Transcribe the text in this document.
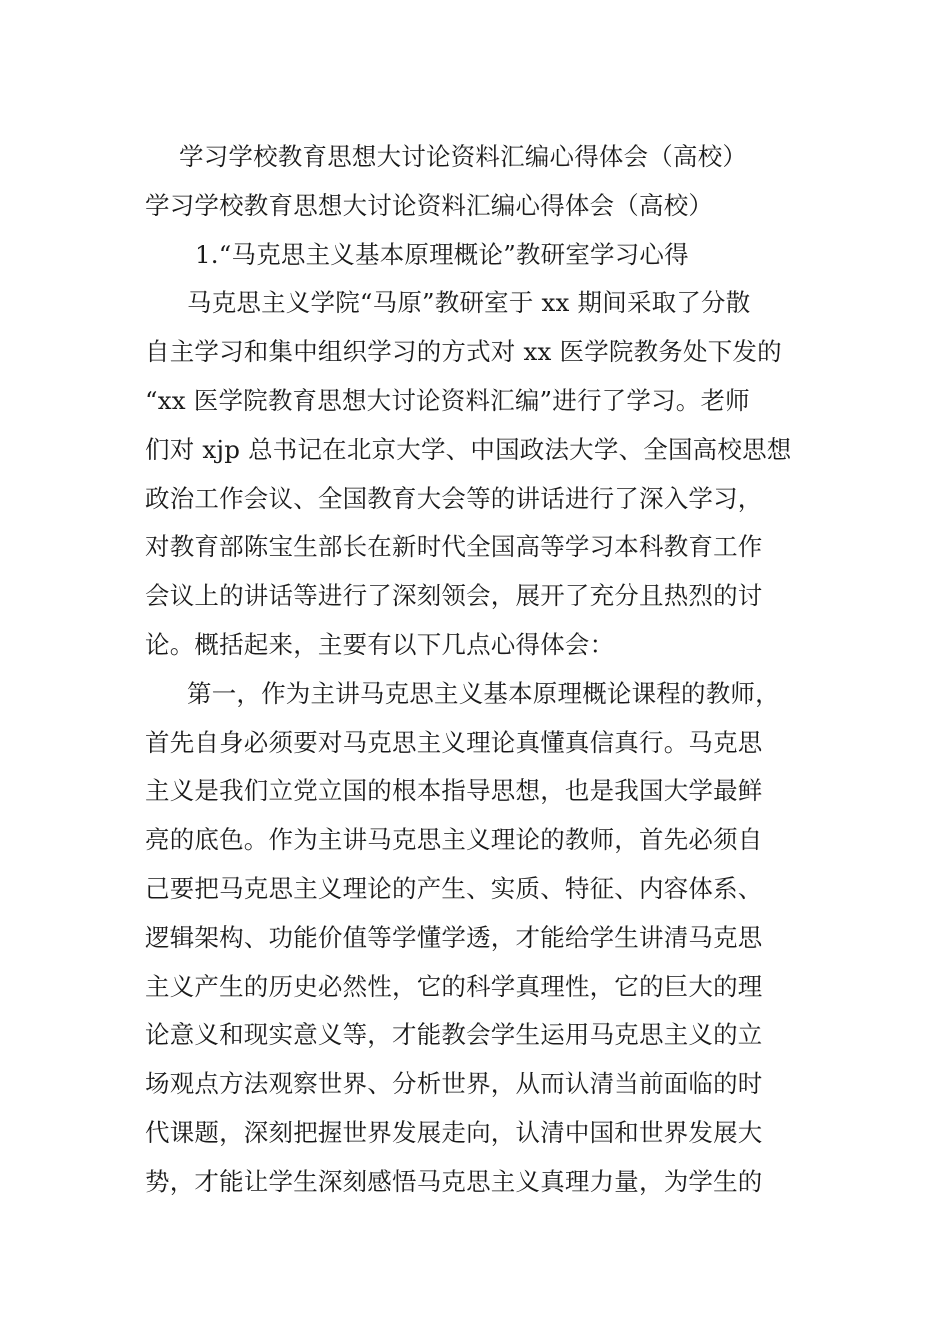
学习学校教育思想大讨论资料汇编心得体会（高校）

学习学校教育思想大讨论资料汇编心得体会（高校）

1.“马克思主义基本原理概论”教研室学习心得

马克思主义学院“马原”教研室于 xx 期间采取了分散

自主学习和集中组织学习的方式对 xx 医学院教务处下发的

“xx 医学院教育思想大讨论资料汇编”进行了学习。老师

们对 xjp 总书记在北京大学、中国政法大学、全国高校思想

政治工作会议、全国教育大会等的讲话进行了深入学习，

对教育部陈宝生部长在新时代全国高等学习本科教育工作

会议上的讲话等进行了深刻领会，展开了充分且热烈的讨

论。概括起来，主要有以下几点心得体会：

第一，作为主讲马克思主义基本原理概论课程的教师，

首先自身必须要对马克思主义理论真懂真信真行。马克思

主义是我们立党立国的根本指导思想，也是我国大学最鲜

亮的底色。作为主讲马克思主义理论的教师，首先必须自

己要把马克思主义理论的产生、实质、特征、内容体系、

逻辑架构、功能价值等学懂学透，才能给学生讲清马克思

主义产生的历史必然性，它的科学真理性，它的巨大的理

论意义和现实意义等，才能教会学生运用马克思主义的立

场观点方法观察世界、分析世界，从而认清当前面临的时

代课题，深刻把握世界发展走向，认清中国和世界发展大

势，才能让学生深刻感悟马克思主义真理力量，为学生的
